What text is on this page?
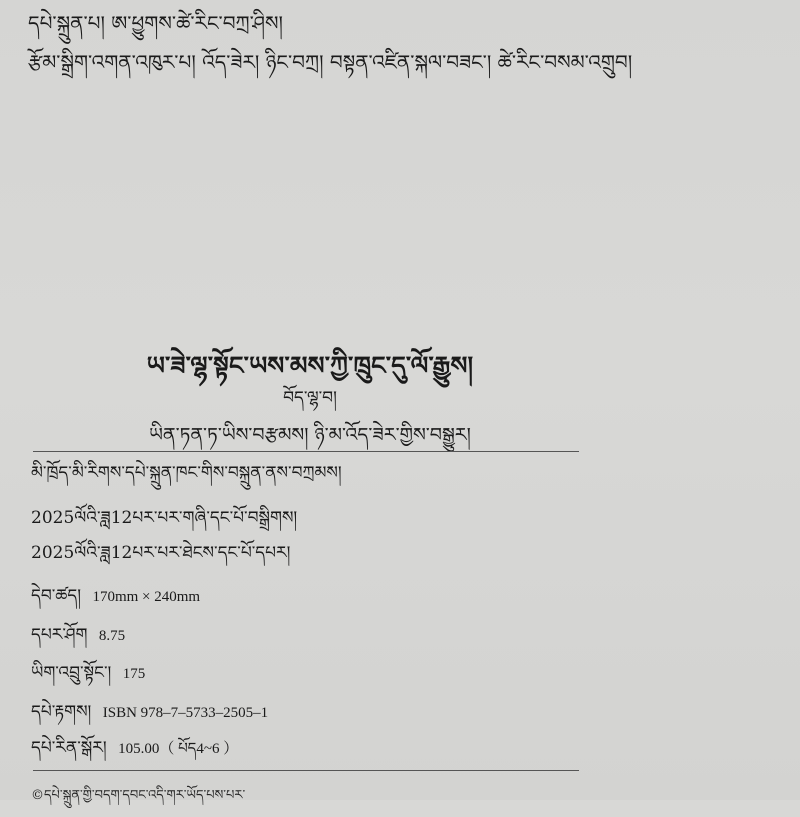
དཔེ་སྐྲུན་པ། ཨ་ཕྱུགས་ཚེ་རིང་བཀྲ་ཤིས།
རྩོམ་སྒྲིག་འགན་འཁུར་པ། འོད་ཟེར། ཉིང་བཀྲ། བསྟན་འཛིན་སྐལ་བཟང་། ཚེ་རིང་བསམ་འགྲུབ།
ཡ་ཟེ་ལྷ་སྟོང་ཡས་མས་ཀྱི་ཁྲུང་དུ་ལོ་རྒྱུས།
བོད་ལྷ་བ།
ཡིན་ཏན་ཏ་ཡིས་བརྩམས། ཉི་མ་འོད་ཟེར་གྱིས་བསྒྱུར།
མི་ཁྲོད་མི་རིགས་དཔེ་སྐྲུན་ཁང་གིས་བསྐྲུན་ནས་བཀྲམས།
2025ལོའི་ཟླ12པར་པར་གཞི་དང་པོ་བསྒྲིགས།
2025ལོའི་ཟླ12པར་པར་ཐེངས་དང་པོ་དཔར།
དེབ་ཚད། 170mm × 240mm
དཔར་ཤོག 8.75
ཡིག་འབྲུ་སྟོང་། 175
དཔེ་རྟགས། ISBN 978–7–5733–2505–1
དཔེ་རིན་སྒོར། 105.00（ པོད4~6 ）
©དཔེ་སྐྲུན་གྱི་བདག་དབང་འདི་གར་ཡོད་པས་པར་
